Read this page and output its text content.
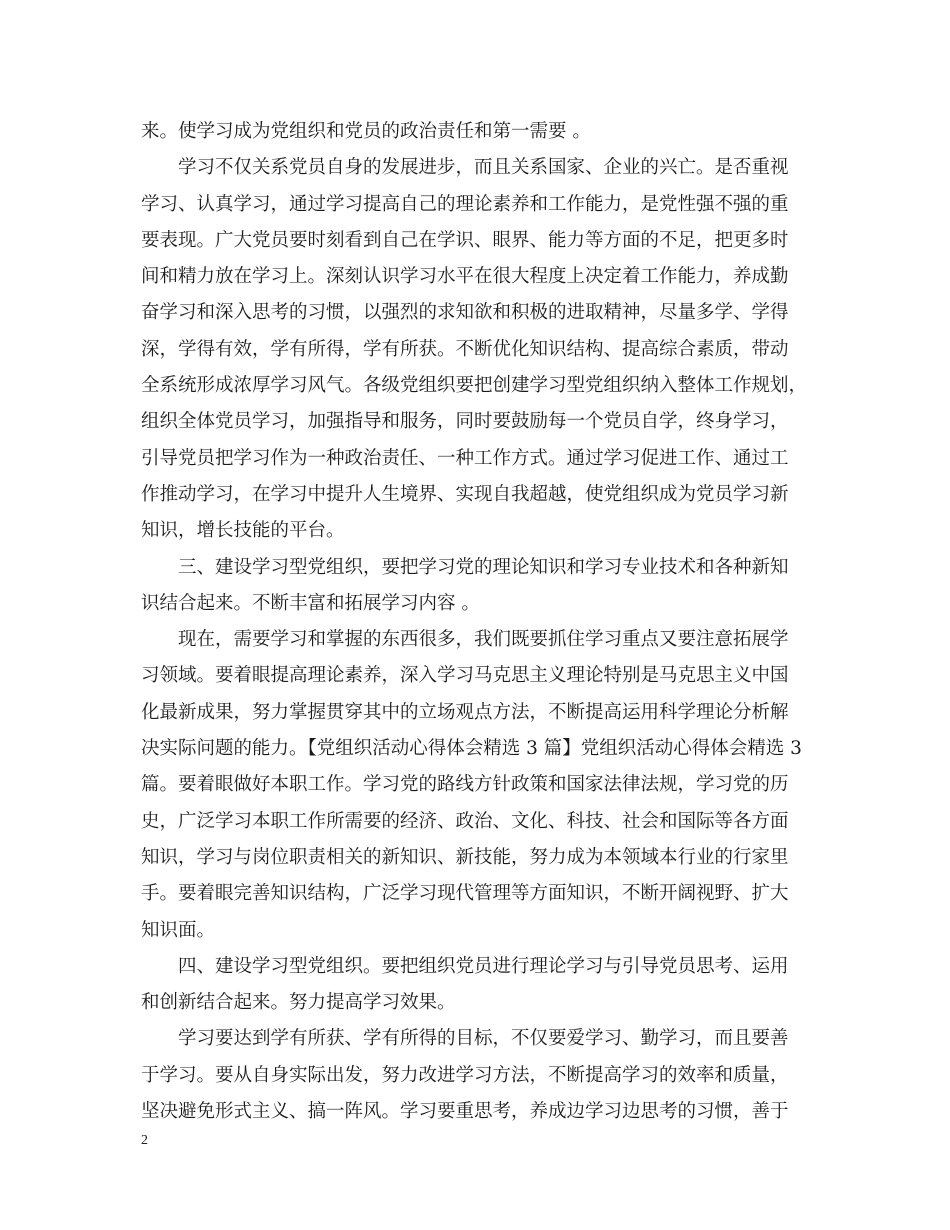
来。使学习成为党组织和党员的政治责任和第一需要 。
学习不仅关系党员自身的发展进步，而且关系国家、企业的兴亡。是否重视
学习、认真学习，通过学习提高自己的理论素养和工作能力，是党性强不强的重
要表现。广大党员要时刻看到自己在学识、眼界、能力等方面的不足，把更多时
间和精力放在学习上。深刻认识学习水平在很大程度上决定着工作能力，养成勤
奋学习和深入思考的习惯，以强烈的求知欲和积极的进取精神，尽量多学、学得
深，学得有效，学有所得，学有所获。不断优化知识结构、提高综合素质，带动
全系统形成浓厚学习风气。各级党组织要把创建学习型党组织纳入整体工作规划，
组织全体党员学习，加强指导和服务，同时要鼓励每一个党员自学，终身学习，
引导党员把学习作为一种政治责任、一种工作方式。通过学习促进工作、通过工
作推动学习，在学习中提升人生境界、实现自我超越，使党组织成为党员学习新
知识，增长技能的平台。
三、建设学习型党组织，要把学习党的理论知识和学习专业技术和各种新知
识结合起来。不断丰富和拓展学习内容 。
现在，需要学习和掌握的东西很多，我们既要抓住学习重点又要注意拓展学
习领域。要着眼提高理论素养，深入学习马克思主义理论特别是马克思主义中国
化最新成果，努力掌握贯穿其中的立场观点方法，不断提高运用科学理论分析解
决实际问题的能力。【党组织活动心得体会精选 3 篇】党组织活动心得体会精选 3
篇。要着眼做好本职工作。学习党的路线方针政策和国家法律法规，学习党的历
史，广泛学习本职工作所需要的经济、政治、文化、科技、社会和国际等各方面
知识，学习与岗位职责相关的新知识、新技能，努力成为本领域本行业的行家里
手。要着眼完善知识结构，广泛学习现代管理等方面知识，不断开阔视野、扩大
知识面。
四、建设学习型党组织。要把组织党员进行理论学习与引导党员思考、运用
和创新结合起来。努力提高学习效果。
学习要达到学有所获、学有所得的目标，不仅要爱学习、勤学习，而且要善
于学习。要从自身实际出发，努力改进学习方法，不断提高学习的效率和质量，
坚决避免形式主义、搞一阵风。学习要重思考，养成边学习边思考的习惯，善于
2
